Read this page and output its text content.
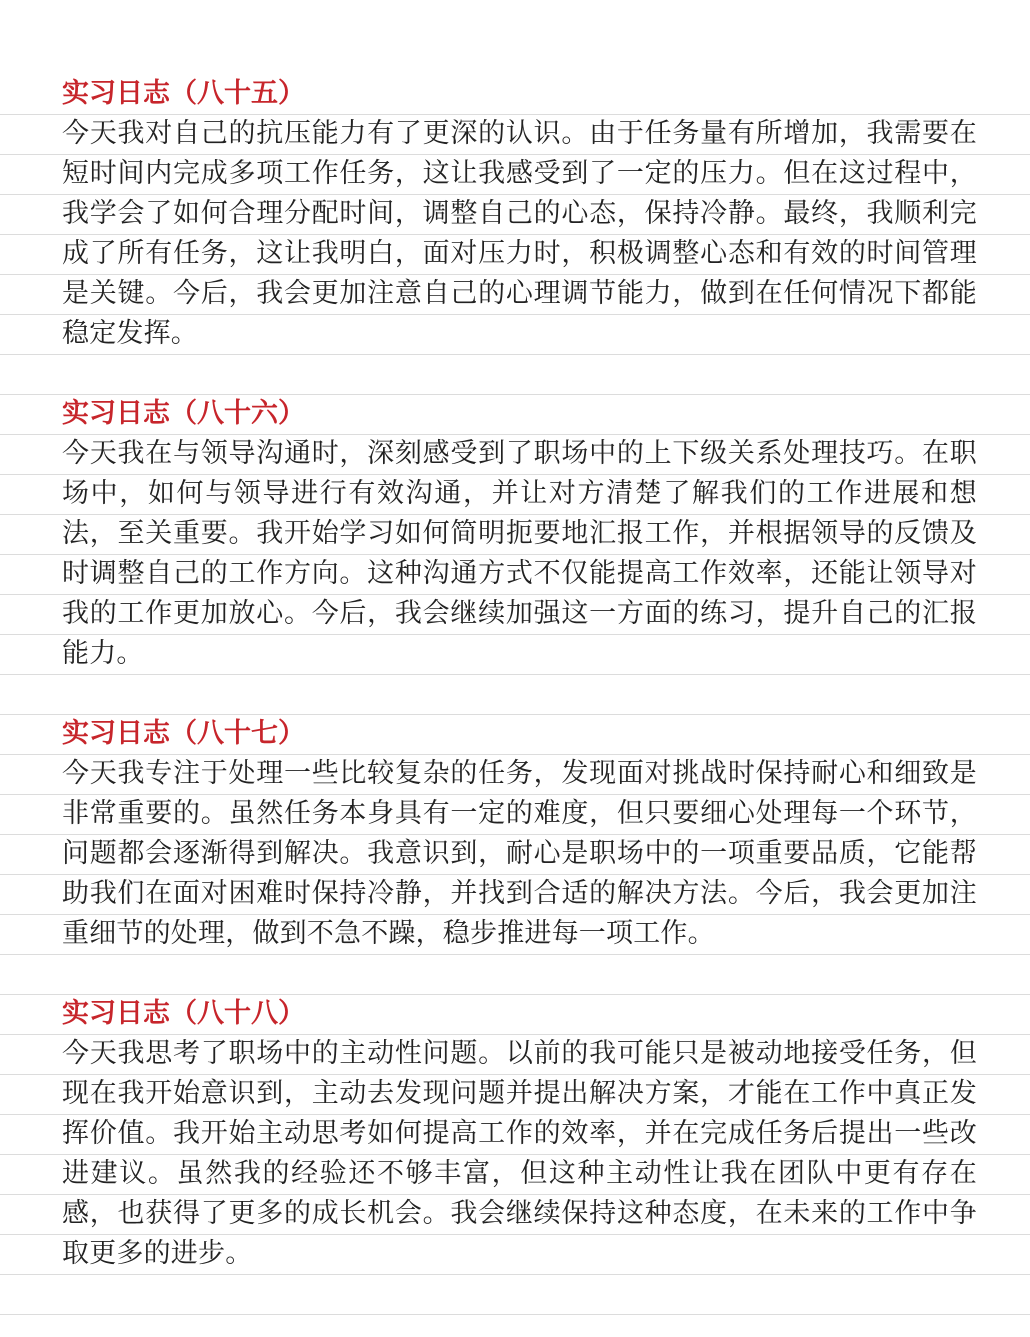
实习日志（八十五）
今天我对自己的抗压能力有了更深的认识。由于任务量有所增加，我需要在短时间内完成多项工作任务，这让我感受到了一定的压力。但在这过程中，我学会了如何合理分配时间，调整自己的心态，保持冷静。最终，我顺利完成了所有任务，这让我明白，面对压力时，积极调整心态和有效的时间管理是关键。今后，我会更加注意自己的心理调节能力，做到在任何情况下都能稳定发挥。
实习日志（八十六）
今天我在与领导沟通时，深刻感受到了职场中的上下级关系处理技巧。在职场中，如何与领导进行有效沟通，并让对方清楚了解我们的工作进展和想法，至关重要。我开始学习如何简明扼要地汇报工作，并根据领导的反馈及时调整自己的工作方向。这种沟通方式不仅能提高工作效率，还能让领导对我的工作更加放心。今后，我会继续加强这一方面的练习，提升自己的汇报能力。
实习日志（八十七）
今天我专注于处理一些比较复杂的任务，发现面对挑战时保持耐心和细致是非常重要的。虽然任务本身具有一定的难度，但只要细心处理每一个环节，问题都会逐渐得到解决。我意识到，耐心是职场中的一项重要品质，它能帮助我们在面对困难时保持冷静，并找到合适的解决方法。今后，我会更加注重细节的处理，做到不急不躁，稳步推进每一项工作。
实习日志（八十八）
今天我思考了职场中的主动性问题。以前的我可能只是被动地接受任务，但现在我开始意识到，主动去发现问题并提出解决方案，才能在工作中真正发挥价值。我开始主动思考如何提高工作的效率，并在完成任务后提出一些改进建议。虽然我的经验还不够丰富，但这种主动性让我在团队中更有存在感，也获得了更多的成长机会。我会继续保持这种态度，在未来的工作中争取更多的进步。
